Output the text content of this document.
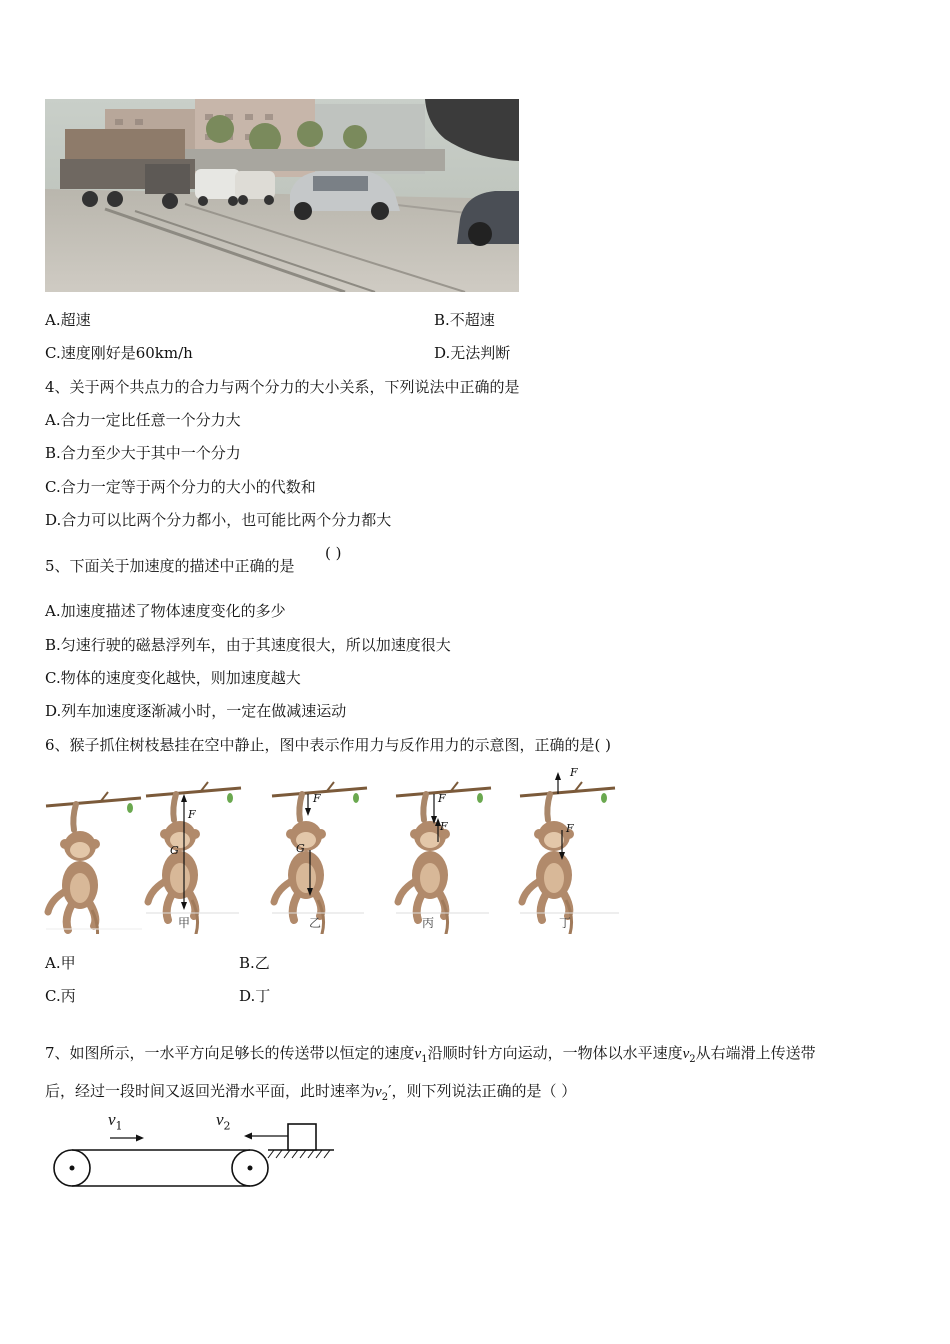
A.超速	B.不超速
C.速度刚好是60km/h	D.无法判断
4、关于两个共点力的合力与两个分力的大小关系，下列说法中正确的是
A.合力一定比任意一个分力大
B.合力至少大于其中一个分力
C.合力一定等于两个分力的大小的代数和
D.合力可以比两个分力都小，也可能比两个分力都大
5、下面关于加速度的描述中正确的是
( )
A.加速度描述了物体速度变化的多少
B.匀速行驶的磁悬浮列车，由于其速度很大，所以加速度很大
C.物体的速度变化越快，则加速度越大
D.列车加速度逐渐减小时，一定在做减速运动
6、猴子抓住树枝悬挂在空中静止，图中表示作用力与反作用力的示意图，正确的是( )
F
G
F
G
F
F
F
F
甲	乙	丙	丁
A.甲	B.乙
C.丙	D.丁
7、如图所示，一水平方向足够长的传送带以恒定的速度$v_1$沿顺时针方向运动，一物体以水平速度$v_2$从右端滑上传送带
后，经过一段时间又返回光滑水平面，此时速率为$v_2'$，则下列说法正确的是（ ）
$v_1$	$v_2$
